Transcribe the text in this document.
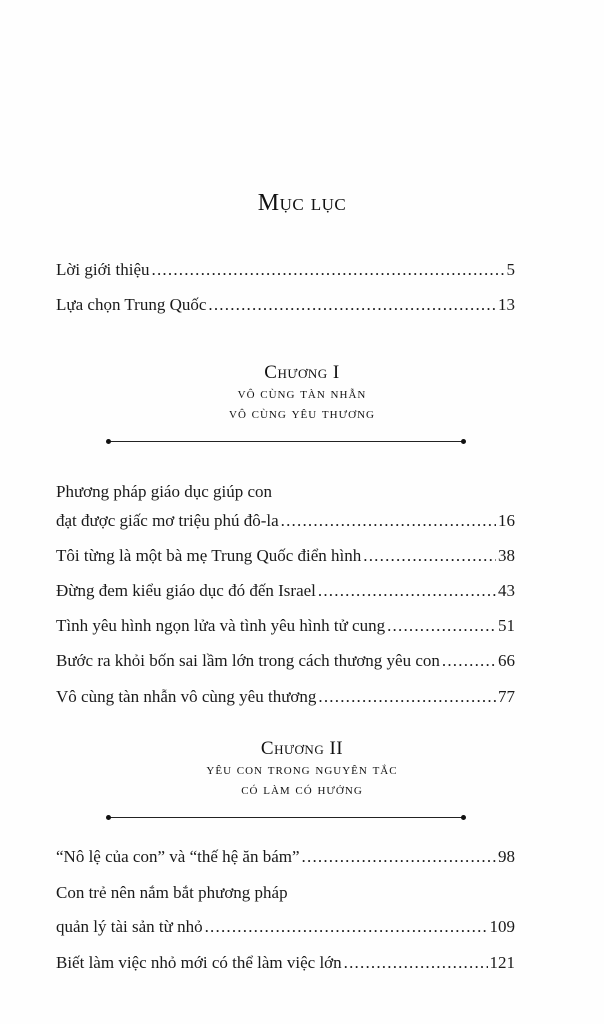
Mục lục
Lời giới thiệu .....	5
Lựa chọn Trung Quốc .....	13
Chương I
vô cùng tàn nhẫn
vô cùng yêu thương
Phương pháp giáo dục giúp con
đạt được giấc mơ triệu phú đô-la .....	16
Tôi từng là một bà mẹ Trung Quốc điển hình .....	38
Đừng đem kiểu giáo dục đó đến Israel .....	43
Tình yêu hình ngọn lửa và tình yêu hình tử cung .....	51
Bước ra khỏi bốn sai lầm lớn trong cách thương yêu con .....	66
Vô cùng tàn nhẫn vô cùng yêu thương .....	77
Chương II
yêu con trong nguyên tắc
có làm có hưởng
“Nô lệ của con” và “thế hệ ăn bám” .....	98
Con trẻ nên nắm bắt phương pháp
quản lý tài sản từ nhỏ .....	109
Biết làm việc nhỏ mới có thể làm việc lớn .....	121
